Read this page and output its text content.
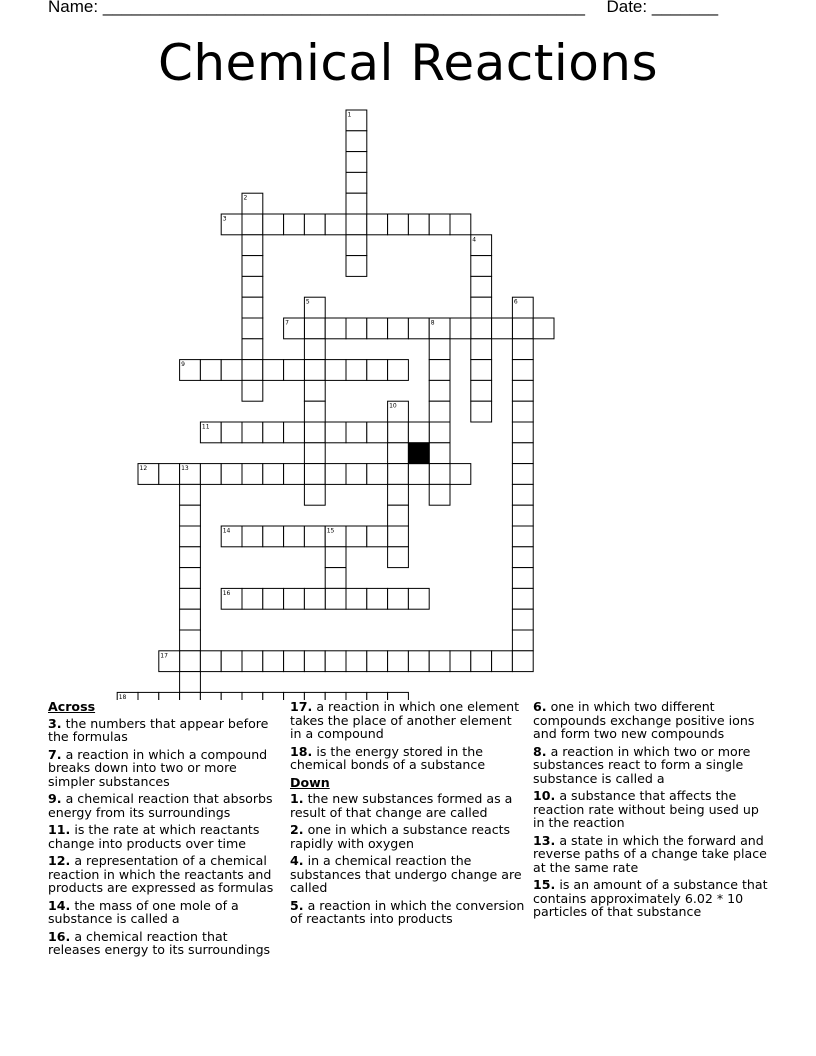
Name: ___________________________________________________ Date: _______
Chemical Reactions
1
2
3
4
5	6
7	8
9
10
11
12	13
14	15
16
17
18
Across
3. the numbers that appear before the formulas
7. a reaction in which a compound breaks down into two or more simpler substances
9. a chemical reaction that absorbs energy from its surroundings
11. is the rate at which reactants change into products over time
12. a representation of a chemical reaction in which the reactants and products are expressed as formulas
14. the mass of one mole of a substance is called a
16. a chemical reaction that releases energy to its surroundings
17. a reaction in which one element takes the place of another element in a compound
18. is the energy stored in the chemical bonds of a substance
Down
1. the new substances formed as a result of that change are called
2. one in which a substance reacts rapidly with oxygen
4. in a chemical reaction the substances that undergo change are called
5. a reaction in which the conversion of reactants into products
6. one in which two different compounds exchange positive ions and form two new compounds
8. a reaction in which two or more substances react to form a single substance is called a
10. a substance that affects the reaction rate without being used up in the reaction
13. a state in which the forward and reverse paths of a change take place at the same rate
15. is an amount of a substance that contains approximately 6.02 * 10 particles of that substance
